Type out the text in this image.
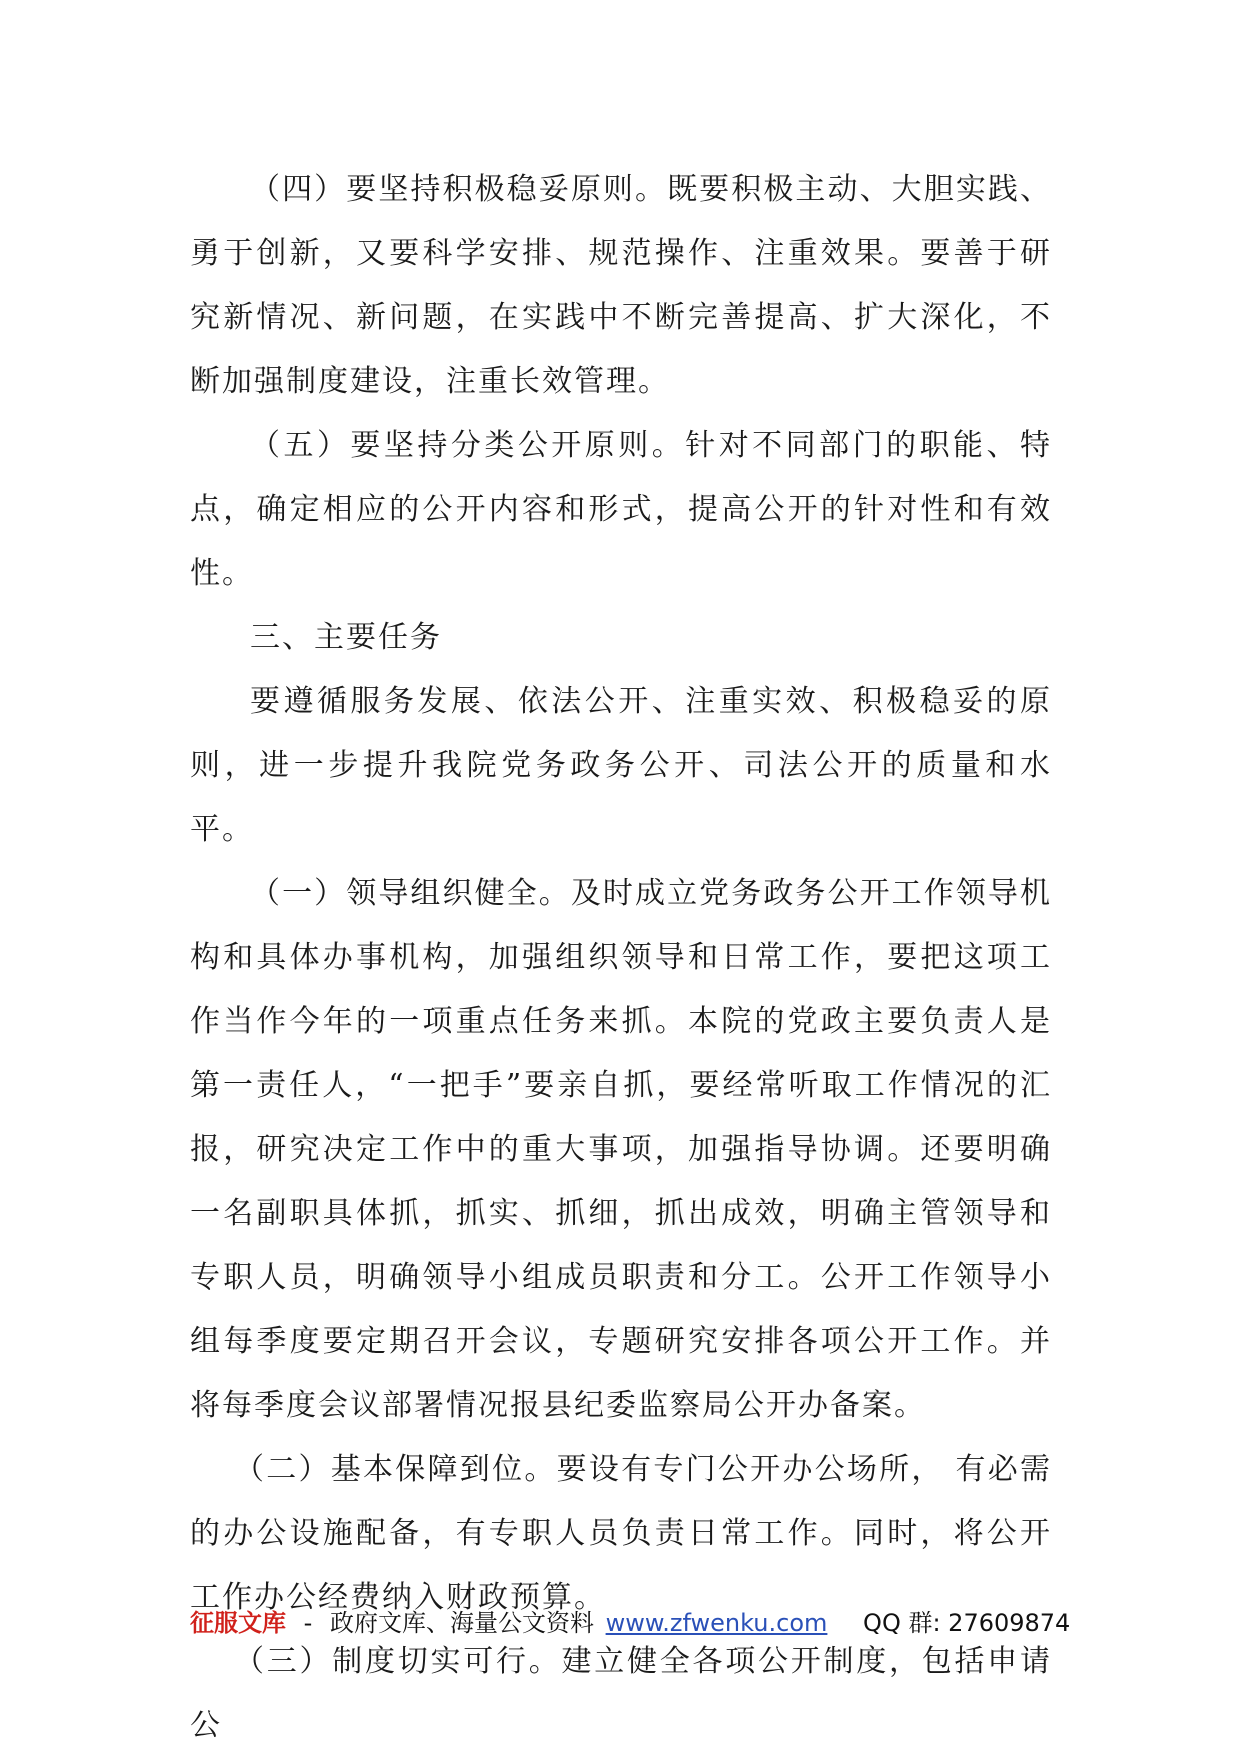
（四）要坚持积极稳妥原则。既要积极主动、大胆实践、勇于创新，又要科学安排、规范操作、注重效果。要善于研究新情况、新问题，在实践中不断完善提高、扩大深化，不断加强制度建设，注重长效管理。

（五）要坚持分类公开原则。针对不同部门的职能、特点，确定相应的公开内容和形式，提高公开的针对性和有效性。

三、主要任务

要遵循服务发展、依法公开、注重实效、积极稳妥的原则，进一步提升我院党务政务公开、司法公开的质量和水平。

（一）领导组织健全。及时成立党务政务公开工作领导机构和具体办事机构，加强组织领导和日常工作，要把这项工作当作今年的一项重点任务来抓。本院的党政主要负责人是第一责任人，“一把手”要亲自抓，要经常听取工作情况的汇报，研究决定工作中的重大事项，加强指导协调。还要明确一名副职具体抓，抓实、抓细，抓出成效，明确主管领导和专职人员，明确领导小组成员职责和分工。公开工作领导小组每季度要定期召开会议，专题研究安排各项公开工作。并将每季度会议部署情况报县纪委监察局公开办备案。

（二）基本保障到位。要设有专门公开办公场所， 有必需的办公设施配备，有专职人员负责日常工作。同时，将公开工作办公经费纳入财政预算。

（三）制度切实可行。建立健全各项公开制度，包括申请公

征服文库 - 政府文库、海量公文资料 www.zfwenku.com QQ 群: 27609874
